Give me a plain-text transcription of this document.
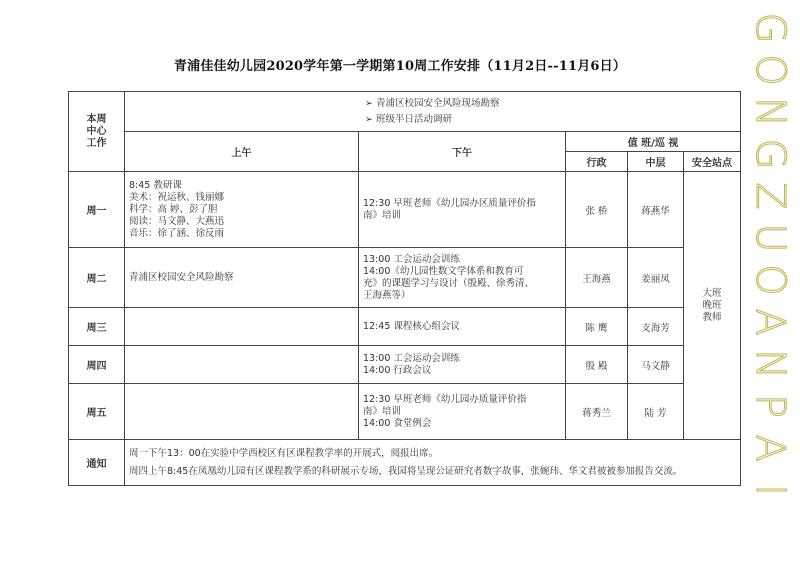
青浦佳佳幼儿园2020学年第一学期第10周工作安排（11月2日--11月6日）
G
O
N
G
Z
U
O
A
N
P
A
I
本周
中心
工作	➢ 青浦区校园安全风险现场勘察
➢ 班级半日活动调研				

	上午	下午	值 班/巡 视		
			行政	中层	安全站点
周一	8:45 教研课
美术：祝运秋、钱丽娜
科学：高 婷、彭了胆
阅读：马文静、大燕迅
音乐：徐了涵、徐反雨	12:30 早班老师《幼儿园办区质量评价指
南》培训	张 桥	蒋燕华	大班
晚班
教师

周二	青浦区校园安全风险勘察	13:00 工会运动会训练
14:00《幼儿园性数文学体系和教育可
充》的课题学习与设讨（殷殿、徐秀清、
王海燕等）	王海燕	姜丽凤	
周三		12:45 课程核心组会议	陈 鹰	支海芳	
周四		13:00 工会运动会训练
14:00 行政会议	殷 殿	马文静	
周五		12:30 早班老师《幼儿园办质量评价指
南》培训
14:00 食堂例会	蒋秀兰	陆 芳	
通知	周一下午13：00在实验中学西校区有区课程教学率的开展式，阅报出席。
周四上午8:45在凤凰幼儿园有区课程教学系的科研展示专场，我园将呈现公证研究者数字故事，张婉玮、华文君被被参加报告交流。				
